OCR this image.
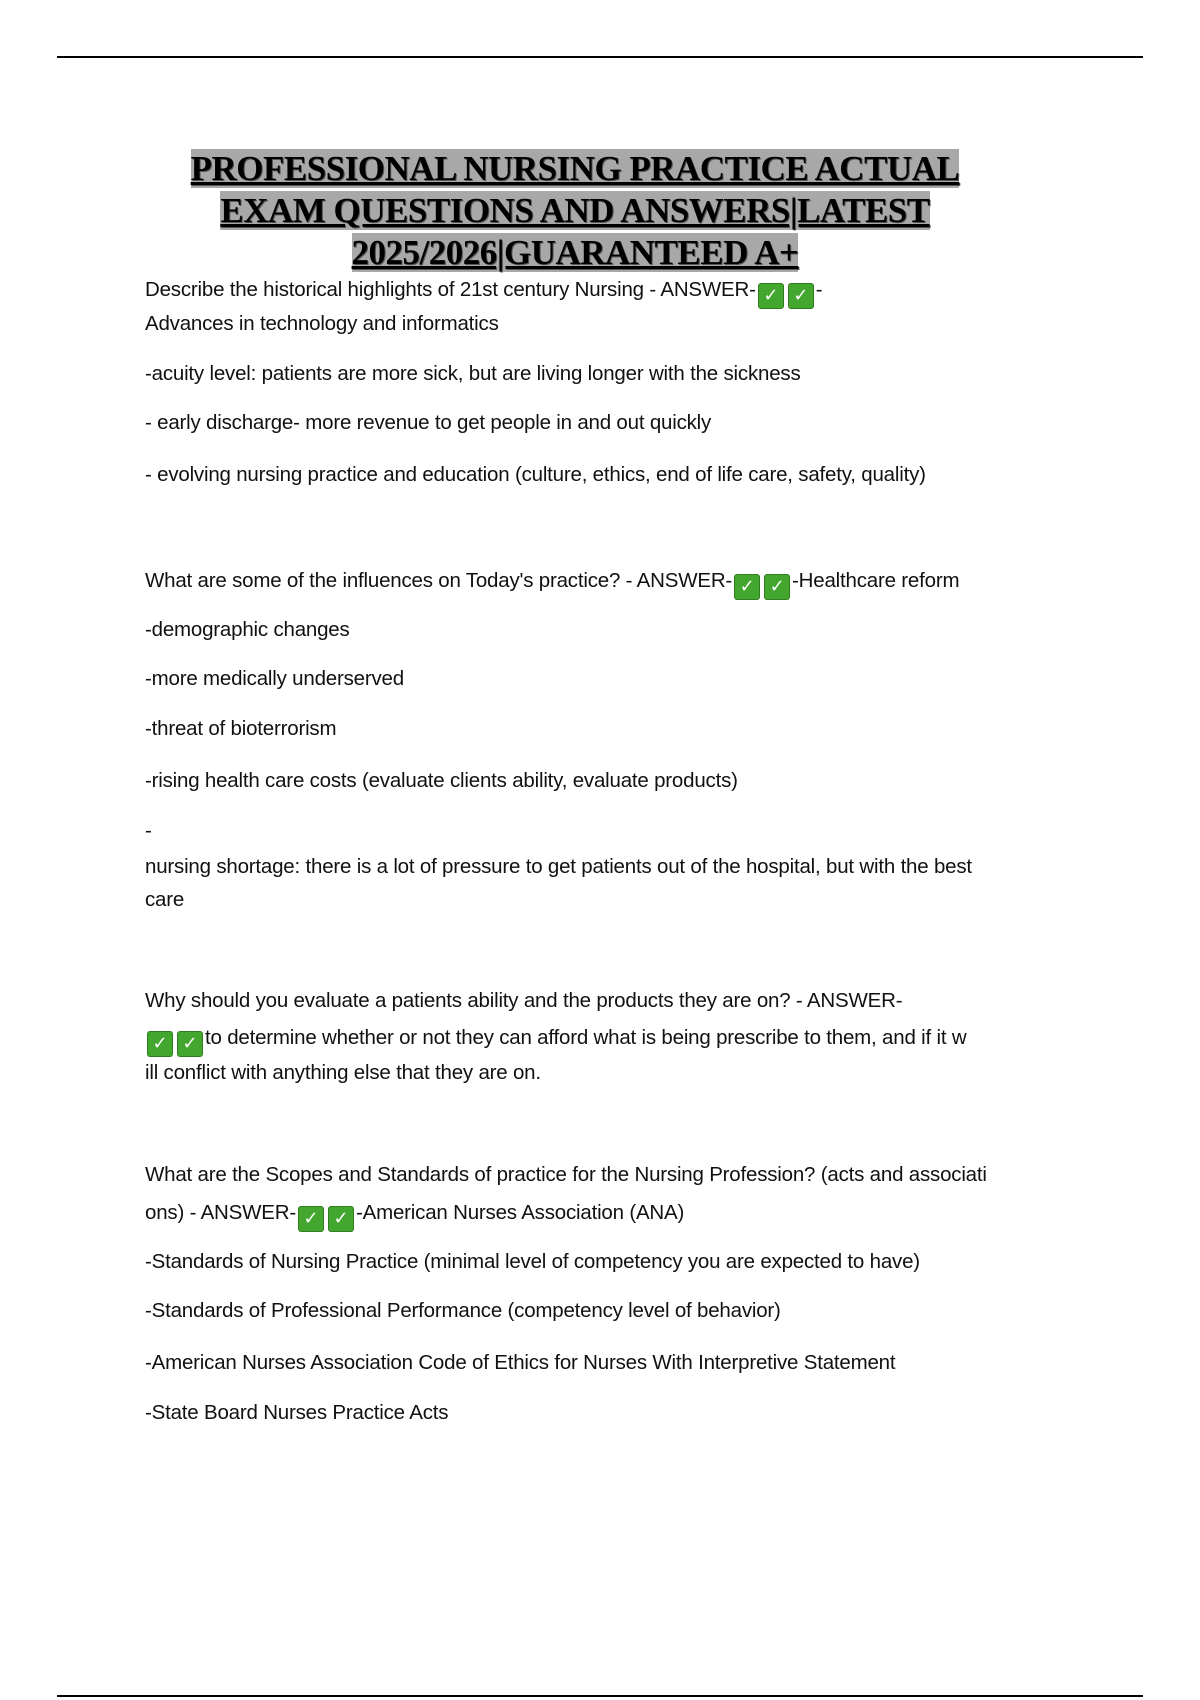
PROFESSIONAL NURSING PRACTICE ACTUAL
EXAM QUESTIONS AND ANSWERS|LATEST
2025/2026|GUARANTEED A+
Describe the historical highlights of 21st century Nursing - ANSWER- ✓ ✓ -
Advances in technology and informatics
-acuity level: patients are more sick, but are living longer with the sickness
- early discharge- more revenue to get people in and out quickly
- evolving nursing practice and education (culture, ethics, end of life care, safety, quality)
What are some of the influences on Today's practice? - ANSWER- ✓ ✓ -Healthcare reform
-demographic changes
-more medically underserved
-threat of bioterrorism
-rising health care costs (evaluate clients ability, evaluate products)
-
nursing shortage: there is a lot of pressure to get patients out of the hospital, but with the best
care
Why should you evaluate a patients ability and the products they are on? - ANSWER-
✓ ✓ to determine whether or not they can afford what is being prescribe to them, and if it w
ill conflict with anything else that they are on.
What are the Scopes and Standards of practice for the Nursing Profession? (acts and associati
ons) - ANSWER- ✓ ✓ -American Nurses Association (ANA)
-Standards of Nursing Practice (minimal level of competency you are expected to have)
-Standards of Professional Performance (competency level of behavior)
-American Nurses Association Code of Ethics for Nurses With Interpretive Statement
-State Board Nurses Practice Acts
